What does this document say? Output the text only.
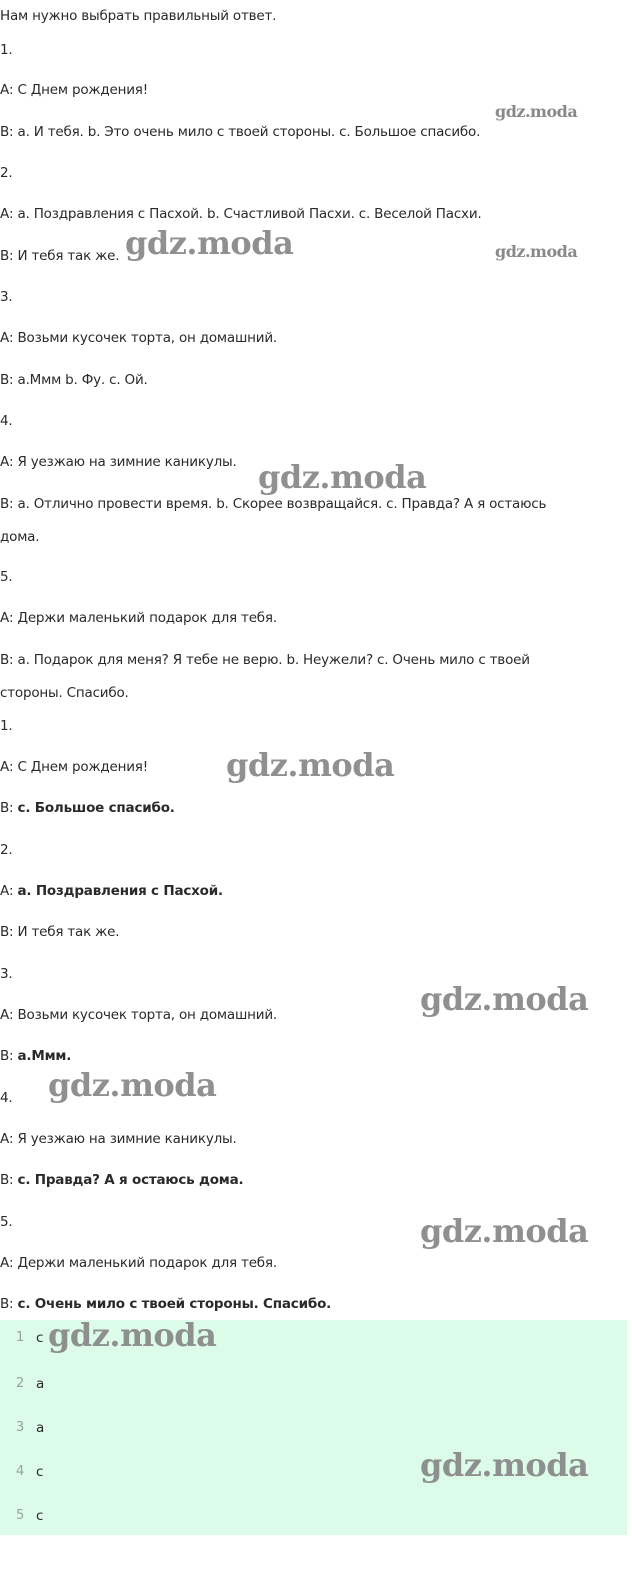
Нам нужно выбрать правильный ответ.
1.
А: С Днем рождения!
В: а. И тебя. b. Это очень мило с твоей стороны. с. Большое спасибо.
2.
А: а. Поздравления с Пасхой. b. Счастливой Пасхи. с. Веселой Пасхи.
В: И тебя так же.
3.
А: Возьми кусочек торта, он домашний.
В: а.Ммм b. Фу. с. Ой.
4.
А: Я уезжаю на зимние каникулы.
В: а. Отлично провести время. b. Скорее возвращайся. с. Правда? А я остаюсь
дома.
5.
А: Держи маленький подарок для тебя.
В: а. Подарок для меня? Я тебе не верю. b. Неужели? с. Очень мило с твоей
стороны. Спасибо.
1.
А: С Днем рождения!
В: с. Большое спасибо.
2.
А: а. Поздравления с Пасхой.
В: И тебя так же.
3.
А: Возьми кусочек торта, он домашний.
В: а.Ммм.
4.
А: Я уезжаю на зимние каникулы.
В: с. Правда? А я остаюсь дома.
5.
А: Держи маленький подарок для тебя.
В: с. Очень мило с твоей стороны. Спасибо.
1 с
2 а
3 а
4 с
5 с
gdz.moda
gdz.moda
gdz.moda
gdz.moda
gdz.moda
gdz.moda
gdz.moda
gdz.moda
gdz.moda
gdz.moda
